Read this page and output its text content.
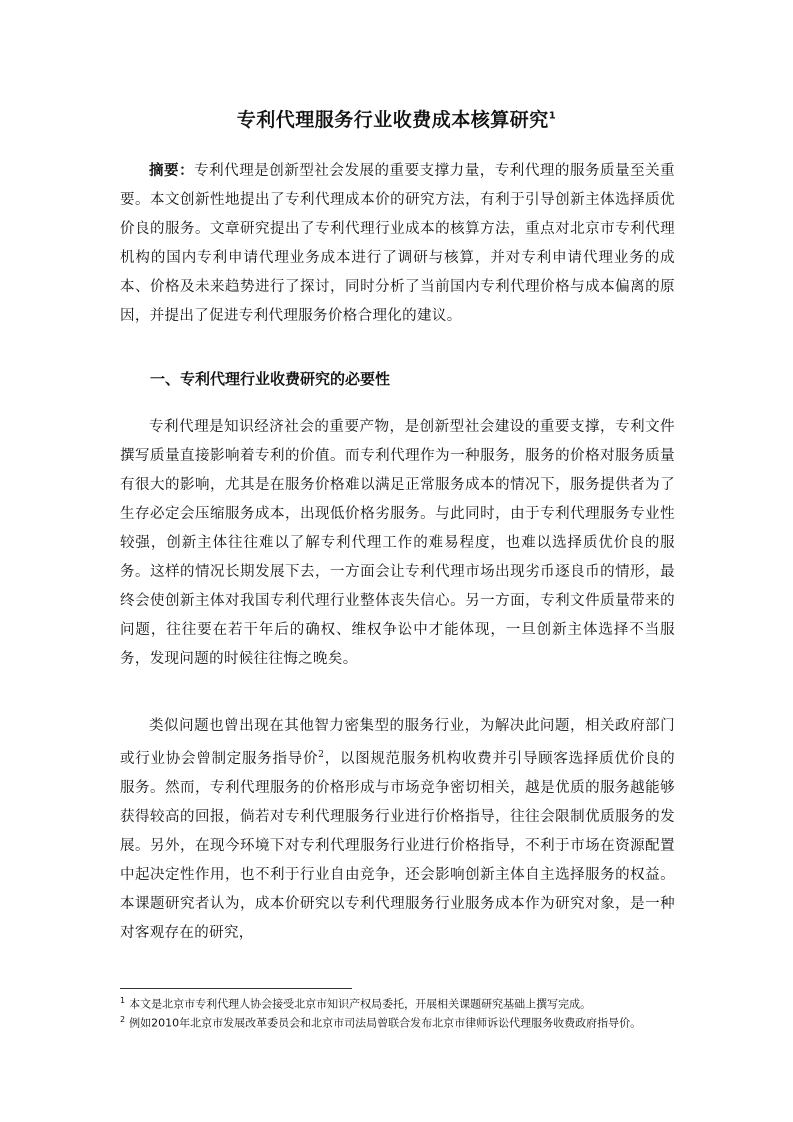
专利代理服务行业收费成本核算研究$^1$

摘要：专利代理是创新型社会发展的重要支撑力量，专利代理的服务质量至关重要。本文创新性地提出了专利代理成本价的研究方法，有利于引导创新主体选择质优价良的服务。文章研究提出了专利代理行业成本的核算方法，重点对北京市专利代理机构的国内专利申请代理业务成本进行了调研与核算，并对专利申请代理业务的成本、价格及未来趋势进行了探讨，同时分析了当前国内专利代理价格与成本偏离的原因，并提出了促进专利代理服务价格合理化的建议。

一、专利代理行业收费研究的必要性

专利代理是知识经济社会的重要产物，是创新型社会建设的重要支撑，专利文件撰写质量直接影响着专利的价值。而专利代理作为一种服务，服务的价格对服务质量有很大的影响，尤其是在服务价格难以满足正常服务成本的情况下，服务提供者为了生存必定会压缩服务成本，出现低价格劣服务。与此同时，由于专利代理服务专业性较强，创新主体往往难以了解专利代理工作的难易程度，也难以选择质优价良的服务。这样的情况长期发展下去，一方面会让专利代理市场出现劣币逐良币的情形，最终会使创新主体对我国专利代理行业整体丧失信心。另一方面，专利文件质量带来的问题，往往要在若干年后的确权、维权争讼中才能体现，一旦创新主体选择不当服务，发现问题的时候往往悔之晚矣。

类似问题也曾出现在其他智力密集型的服务行业，为解决此问题，相关政府部门或行业协会曾制定服务指导价$^2$，以图规范服务机构收费并引导顾客选择质优价良的服务。然而，专利代理服务的价格形成与市场竞争密切相关，越是优质的服务越能够获得较高的回报，倘若对专利代理服务行业进行价格指导，往往会限制优质服务的发展。另外，在现今环境下对专利代理服务行业进行价格指导，不利于市场在资源配置中起决定性作用，也不利于行业自由竞争，还会影响创新主体自主选择服务的权益。本课题研究者认为，成本价研究以专利代理服务行业服务成本作为研究对象，是一种对客观存在的研究，

$^1$ 本文是北京市专利代理人协会接受北京市知识产权局委托，开展相关课题研究基础上撰写完成。
$^2$ 例如2010年北京市发展改革委员会和北京市司法局曾联合发布北京市律师诉讼代理服务收费政府指导价。
